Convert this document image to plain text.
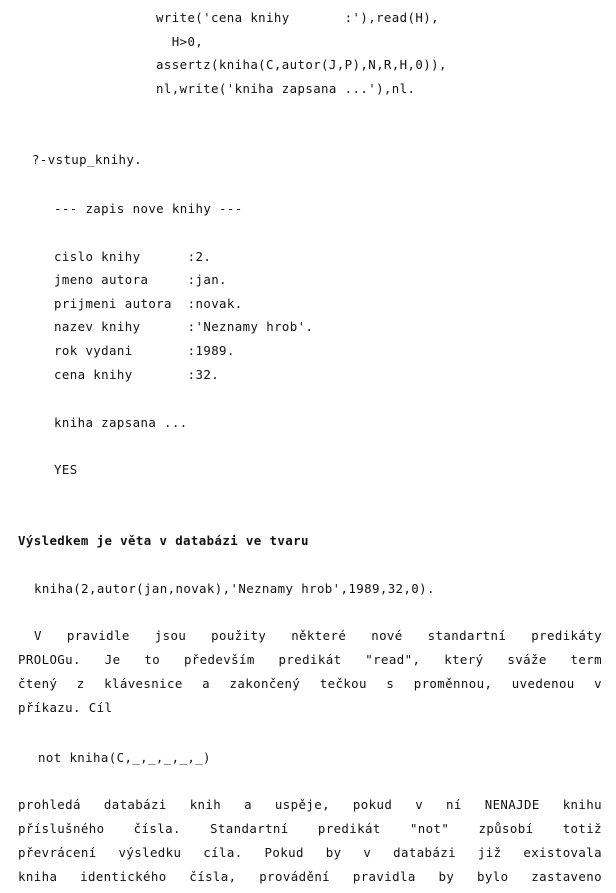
write('cena knihy       :'),read(H),
H>0,
assertz(kniha(C,autor(J,P),N,R,H,0)),
nl,write('kniha zapsana ...'),nl.
?-vstup_knihy.
--- zapis nove knihy ---
cislo knihy      :2.
jmeno autora     :jan.
prijmeni autora  :novak.
nazev knihy      :'Neznamy hrob'.
rok vydani       :1989.
cena knihy       :32.
kniha zapsana ...
YES
Výsledkem je věta v databázi ve tvaru
kniha(2,autor(jan,novak),'Neznamy hrob',1989,32,0).
V pravidle jsou použity některé nové standartní predikáty
PROLOGu. Je to především predikát "read", který sváže term
čtený z klávesnice a zakončený tečkou s proměnnou, uvedenou v
příkazu. Cíl
not kniha(C,_,_,_,_,_)
prohledá databázi knih a uspěje, pokud v ní NENAJDE knihu
příslušného čísla. Standartní predikát "not" způsobí totiž
převrácení výsledku cíla. Pokud by v databázi již existovala
kniha identického čísla, provádění pravidla by bylo zastaveno
